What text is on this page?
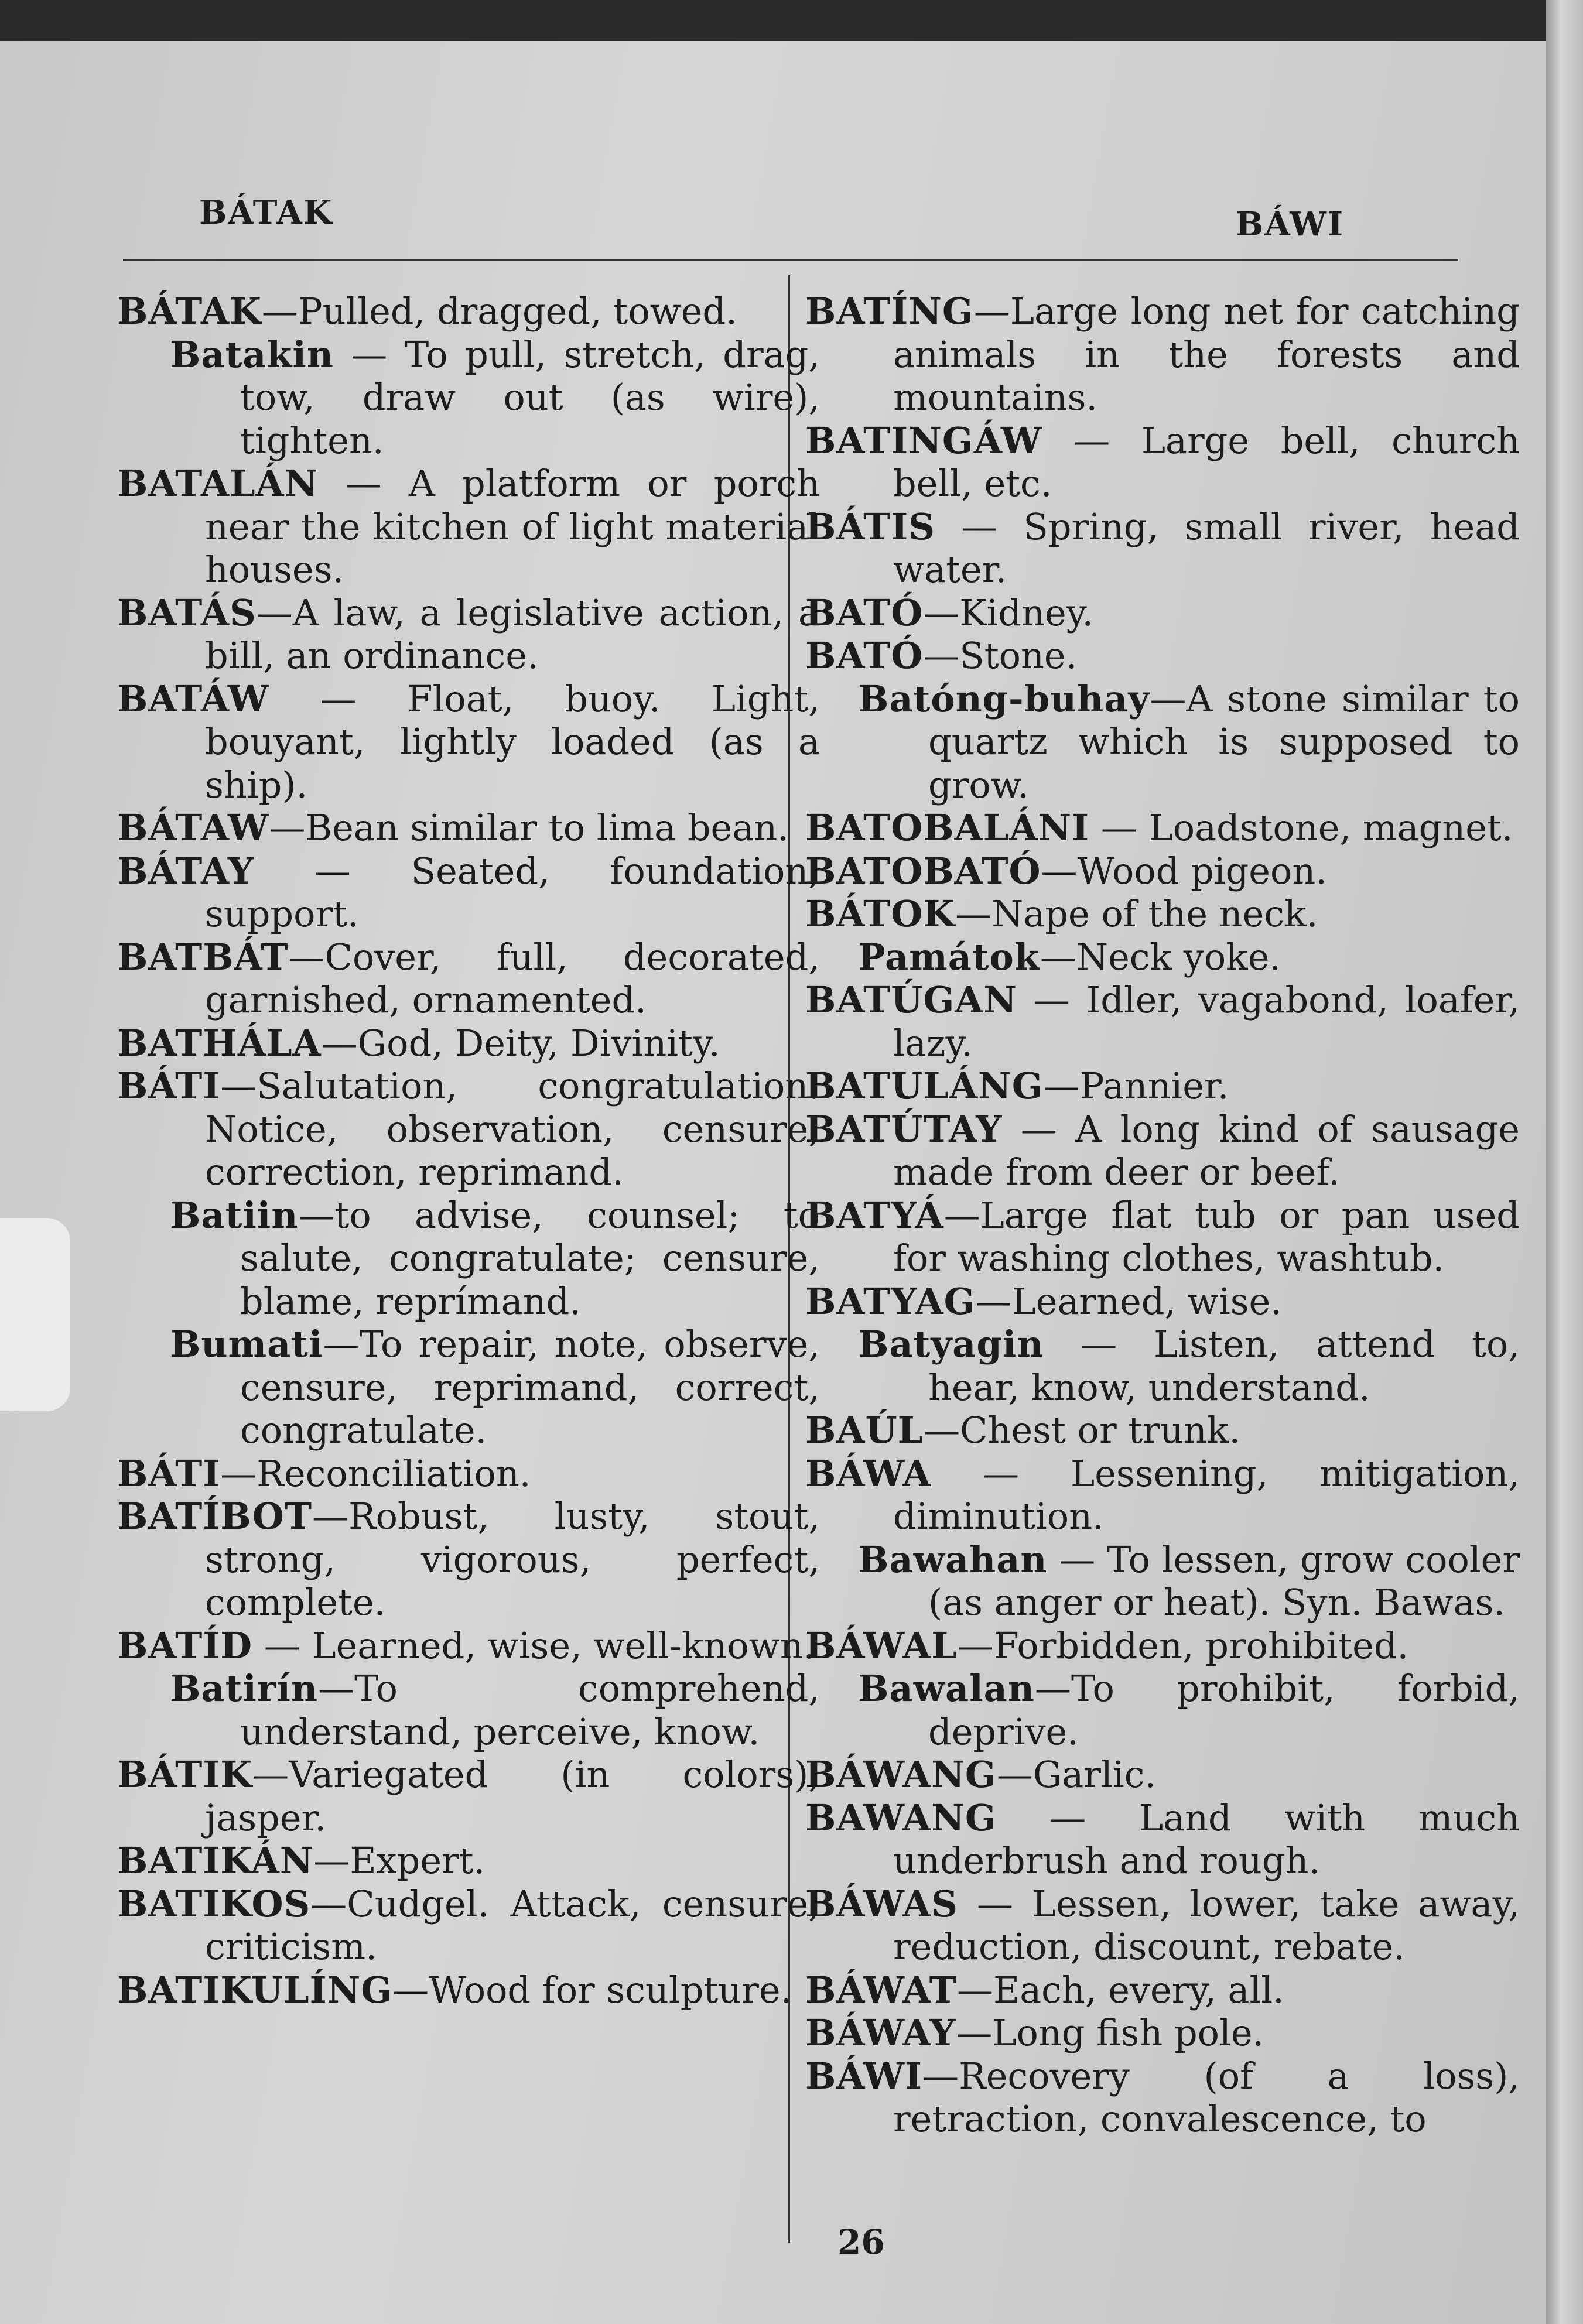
BÁTAK	BÁWI

BÁTAK—Pulled, dragged, towed.

Batakin — To pull, stretch, drag, tow, draw out (as wire), tighten.

BATALÁN — A platform or porch near the kitchen of light material houses.

BATÁS—A law, a legislative action, a bill, an ordinance.

BATÁW — Float, buoy. Light, bouyant, lightly loaded (as a ship).

BÁTAW—Bean similar to lima bean.

BÁTAY — Seated, foundation, support.

BATBÁT—Cover, full, decorated, garnished, ornamented.

BATHÁLA—God, Deity, Divinity.

BÁTI—Salutation, congratulation. Notice, observation, censure, correction, reprimand.

Batiin—to advise, counsel; to salute, congratulate; censure, blame, reprímand.

Bumati—To repair, note, observe, censure, reprimand, correct, congratulate.

BÁTI—Reconciliation.

BATÍBOT—Robust, lusty, stout, strong, vigorous, perfect, complete.

BATÍD — Learned, wise, well-known.

Batirín—To comprehend, understand, perceive, know.

BÁTIK—Variegated (in colors), jasper.

BATIKÁN—Expert.

BATIKOS—Cudgel. Attack, censure, criticism.

BATIKULÍNG—Wood for sculpture.

BATÍNG—Large long net for catching animals in the forests and mountains.

BATINGÁW — Large bell, church bell, etc.

BÁTIS — Spring, small river, head water.

BATÓ—Kidney.

BATÓ—Stone.

Batóng-buhay—A stone similar to quartz which is supposed to grow.

BATOBALÁNI — Loadstone, magnet.

BATOBATÓ—Wood pigeon.

BÁTOK—Nape of the neck.

Památok—Neck yoke.

BATÚGAN — Idler, vagabond, loafer, lazy.

BATULÁNG—Pannier.

BATÚTAY — A long kind of sausage made from deer or beef.

BATYÁ—Large flat tub or pan used for washing clothes, washtub.

BATYAG—Learned, wise.

Batyagin — Listen, attend to, hear, know, understand.

BAÚL—Chest or trunk.

BÁWA — Lessening, mitigation, diminution.

Bawahan — To lessen, grow cooler (as anger or heat). Syn. Bawas.

BÁWAL—Forbidden, prohibited.

Bawalan—To prohibit, forbid, deprive.

BÁWANG—Garlic.

BAWANG — Land with much underbrush and rough.

BÁWAS — Lessen, lower, take away, reduction, discount, rebate.

BÁWAT—Each, every, all.

BÁWAY—Long fish pole.

BÁWI—Recovery (of a loss), retraction, convalescence, to

26
